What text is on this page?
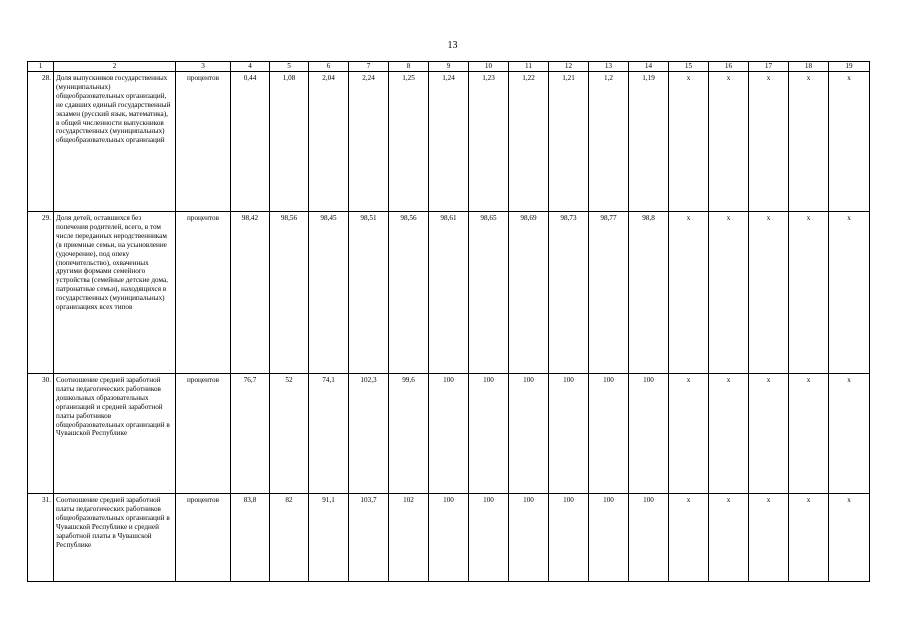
13
1	2	3	4	5	6	7	8	9	10	11	12	13	14	15	16	17	18	19
28.	Доля выпускников государственных (муниципальных) общеобразовательных организаций, не сдавших единый государственный экзамен (русский язык, математика), в общей численности выпускников государственных (муниципальных) общеобразовательных организаций	процентов	0,44	1,08	2,04	2,24	1,25	1,24	1,23	1,22	1,21	1,2	1,19	x	x	x	x	x
29.	Доля детей, оставшихся без попечения родителей, всего, в том числе переданных неродственникам (в приемные семьи, на усыновление (удочерение), под опеку (попечительство), охваченных другими формами семейного устройства (семейные детские дома, патронатные семьи), находящихся в государственных (муниципальных) организациях всех типов	процентов	98,42	98,56	98,45	98,51	98,56	98,61	98,65	98,69	98,73	98,77	98,8	x	x	x	x	x
30.	Соотношение средней заработной платы педагогических работников дошкольных образовательных организаций и средней заработной платы работников общеобразовательных организаций в Чувашской Республике	процентов	76,7	52	74,1	102,3	99,6	100	100	100	100	100	100	x	x	x	x	x
31.	Соотношение средней заработной платы педагогических работников общеобразовательных организаций в Чувашской Республике и средней заработной платы в Чувашской Республике	процентов	83,8	82	91,1	103,7	102	100	100	100	100	100	100	x	x	x	x	x
